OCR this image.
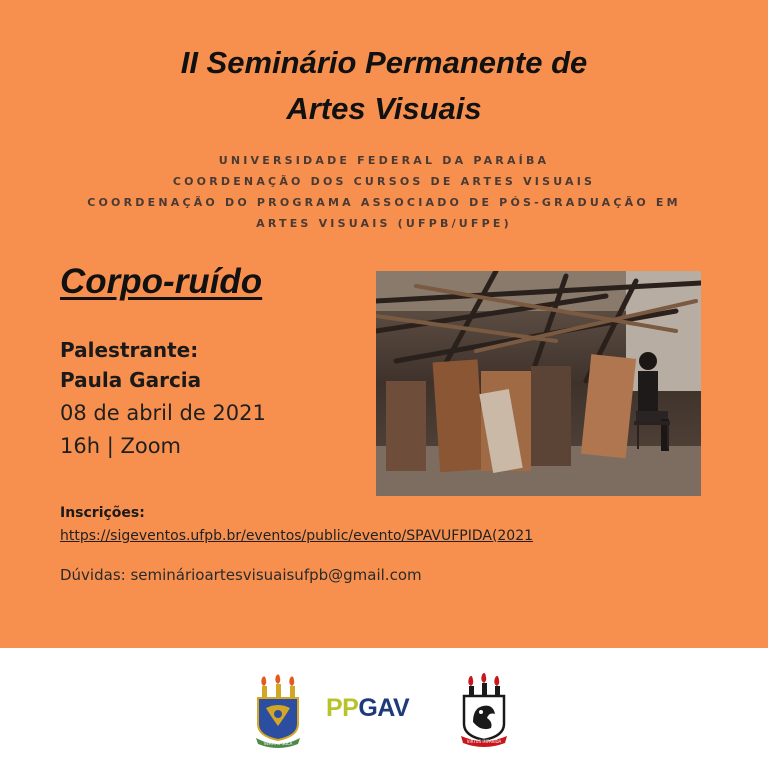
II Seminário Permanente de
Artes Visuais
UNIVERSIDADE FEDERAL DA PARAÍBA
COORDENAÇÃO DOS CURSOS DE ARTES VISUAIS
COORDENAÇÃO DO PROGRAMA ASSOCIADO DE PÓS-GRADUAÇÃO EM
ARTES VISUAIS (UFPB/UFPE)
Corpo-ruído
Palestrante:
Paula Garcia
08 de abril de 2021
16h | Zoom
Inscrições:
https://sigeventos.ufpb.br/eventos/public/evento/SPAVUFPIDA(2021
Dúvidas: seminárioartesvisuaisufpb@gmail.com
VERITAS SOLA
PPGAV
VIRTUS IMPAVIDA
